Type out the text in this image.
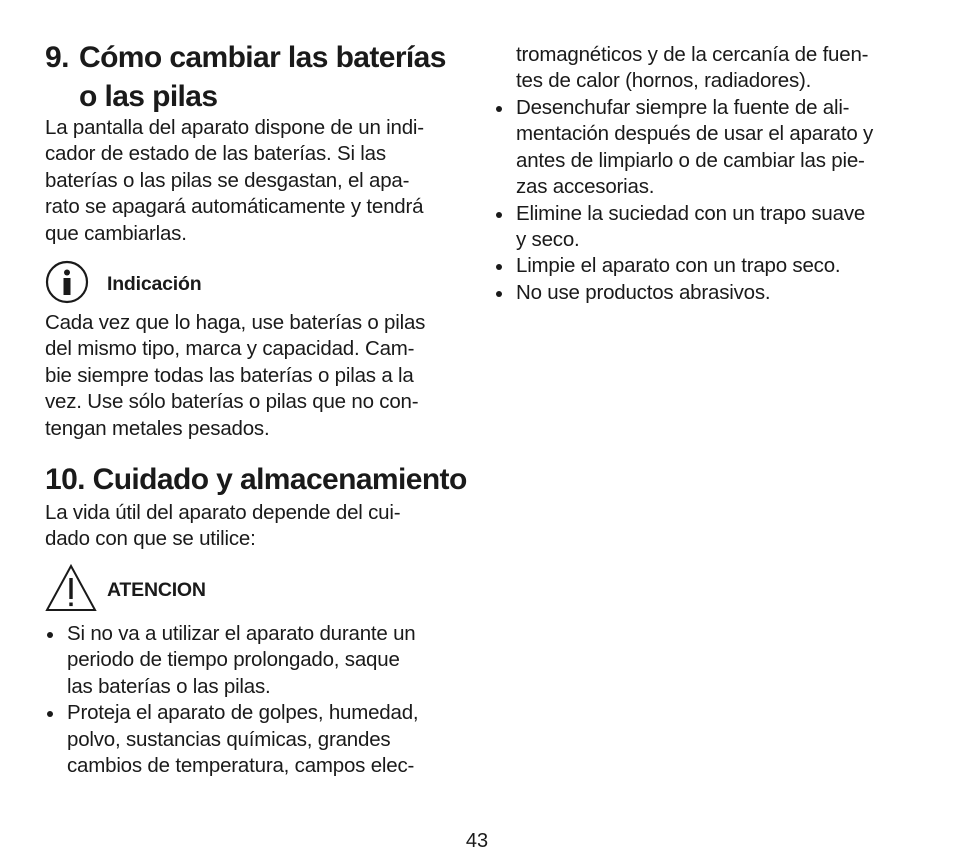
9. Cómo cambiar las baterías
o las pilas

La pantalla del aparato dispone de un indi-

cador de estado de las baterías. Si las

baterías o las pilas se desgastan, el apa-

rato se apagará automáticamente y tendrá

que cambiarlas.

Indicación

Cada vez que lo haga, use baterías o pilas

del mismo tipo, marca y capacidad. Cam-

bie siempre todas las baterías o pilas a la

vez. Use sólo baterías o pilas que no con-

tengan metales pesados.

10. Cuidado y almacenamiento

La vida útil del aparato depende del cui-

dado con que se utilice:

ATENCION

Si no va a utilizar el aparato durante un

periodo de tiempo prolongado, saque

las baterías o las pilas.

Proteja el aparato de golpes, humedad,

polvo, sustancias químicas, grandes

cambios de temperatura, campos elec-

tromagnéticos y de la cercanía de fuen-

tes de calor (hornos, radiadores).

Desenchufar siempre la fuente de ali-

mentación después de usar el aparato y

antes de limpiarlo o de cambiar las pie-

zas accesorias.

Elimine la suciedad con un trapo suave

y seco.

Limpie el aparato con un trapo seco.

No use productos abrasivos.

43
